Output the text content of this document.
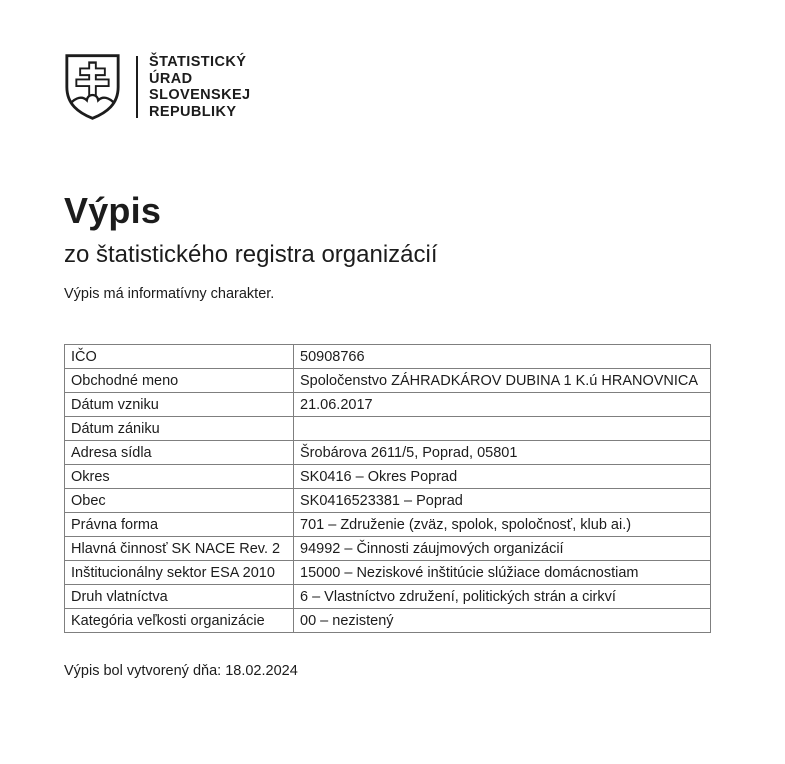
ŠTATISTICKÝ
ÚRAD
SLOVENSKEJ
REPUBLIKY
Výpis
zo štatistického registra organizácií

Výpis má informatívny charakter.

IČO	50908766
Obchodné meno	Spoločenstvo ZÁHRADKÁROV DUBINA 1 K.ú HRANOVNICA
Dátum vzniku	21.06.2017
Dátum zániku	
Adresa sídla	Šrobárova 2611/5, Poprad, 05801
Okres	SK0416 – Okres Poprad
Obec	SK0416523381 – Poprad
Právna forma	701 – Združenie (zväz, spolok, spoločnosť, klub ai.)
Hlavná činnosť SK NACE Rev. 2	94992 – Činnosti záujmových organizácií
Inštitucionálny sektor ESA 2010	15000 – Neziskové inštitúcie slúžiace domácnostiam
Druh vlatníctva	6 – Vlastníctvo združení, politických strán a cirkví
Kategória veľkosti organizácie	00 – nezistený

Výpis bol vytvorený dňa: 18.02.2024
